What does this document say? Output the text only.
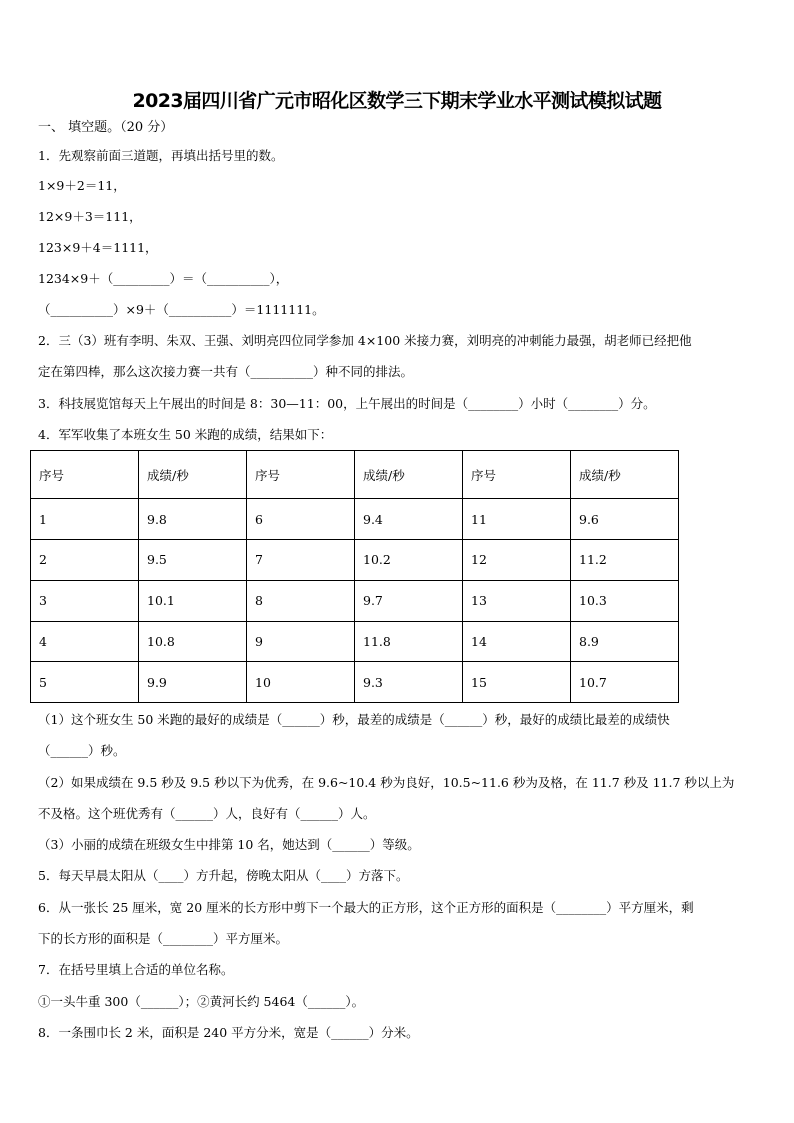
2023届四川省广元市昭化区数学三下期末学业水平测试模拟试题
一、 填空题。（20 分）
1．先观察前面三道题，再填出括号里的数。
1×9＋2＝11，
12×9＋3＝111，
123×9＋4＝1111，
1234×9＋（_________）＝（__________），
（__________）×9＋（__________）＝1111111。
2．三（3）班有李明、朱双、王强、刘明亮四位同学参加 4×100 米接力赛，刘明亮的冲刺能力最强，胡老师已经把他
定在第四棒，那么这次接力赛一共有（__________）种不同的排法。
3．科技展览馆每天上午展出的时间是 8：30—11：00，上午展出的时间是（________）小时（________）分。
4．军军收集了本班女生 50 米跑的成绩，结果如下：
序号	成绩/秒	序号	成绩/秒	序号	成绩/秒
1	9.8	6	9.4	11	9.6
2	9.5	7	10.2	12	11.2
3	10.1	8	9.7	13	10.3
4	10.8	9	11.8	14	8.9
5	9.9	10	9.3	15	10.7
（1）这个班女生 50 米跑的最好的成绩是（______）秒，最差的成绩是（______）秒，最好的成绩比最差的成绩快
（______）秒。
（2）如果成绩在 9.5 秒及 9.5 秒以下为优秀，在 9.6~10.4 秒为良好，10.5~11.6 秒为及格，在 11.7 秒及 11.7 秒以上为
不及格。这个班优秀有（______）人，良好有（______）人。
（3）小丽的成绩在班级女生中排第 10 名，她达到（______）等级。
5．每天早晨太阳从（____）方升起，傍晚太阳从（____）方落下。
6．从一张长 25 厘米，宽 20 厘米的长方形中剪下一个最大的正方形，这个正方形的面积是（________）平方厘米，剩
下的长方形的面积是（________）平方厘米。
7．在括号里填上合适的单位名称。
①一头牛重 300（______）；②黄河长约 5464（______）。
8．一条围巾长 2 米，面积是 240 平方分米，宽是（______）分米。
